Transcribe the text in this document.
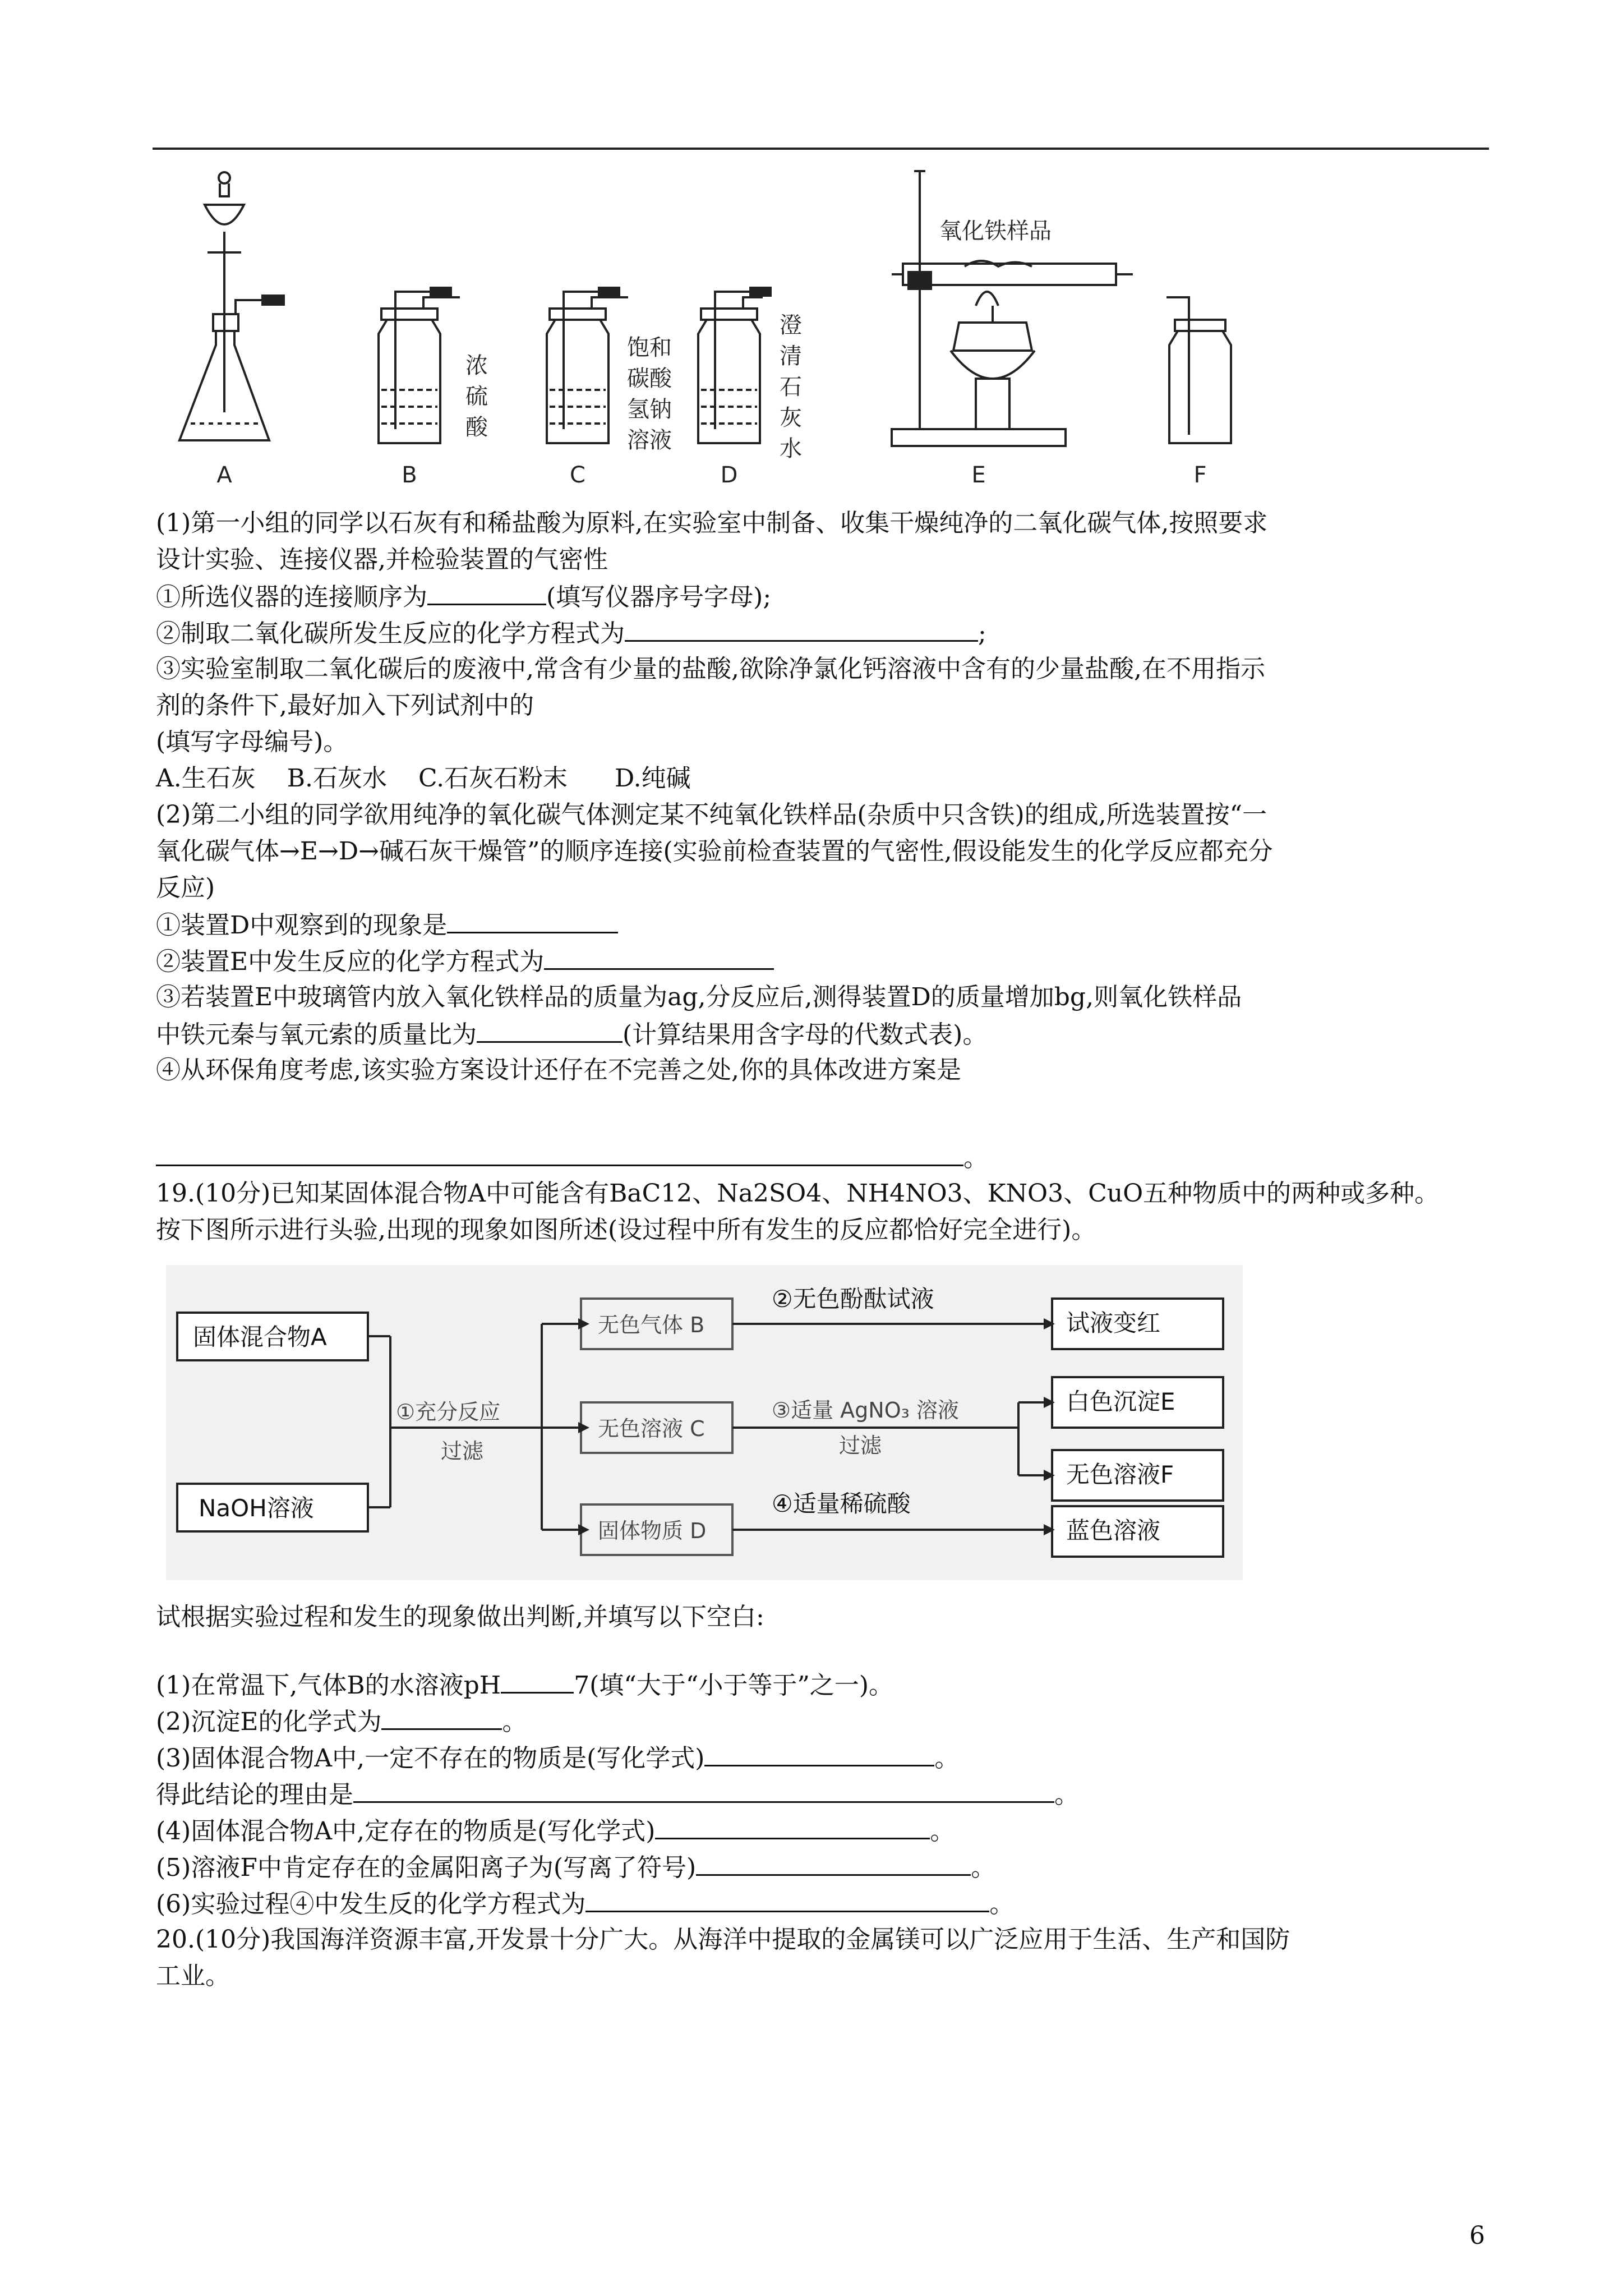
A	B	C	D	E	F
浓
硫
酸
饱和
碳酸
氢钠
溶液
澄
清
石
灰
水
氧化铁样品
(1)第一小组的同学以石灰有和稀盐酸为原料,在实验室中制备、收集干燥纯净的二氧化碳气体,按照要求
设计实验、连接仪器,并检验装置的气密性
①所选仪器的连接顺序为	(填写仪器序号字母);
②制取二氧化碳所发生反应的化学方程式为	;
③实验室制取二氧化碳后的废液中,常含有少量的盐酸,欲除净氯化钙溶液中含有的少量盐酸,在不用指示
剂的条件下,最好加入下列试剂中的
(填写字母编号)。
A.生石灰    B.石灰水    C.石灰石粉末      D.纯碱
(2)第二小组的同学欲用纯净的氧化碳气体测定某不纯氧化铁样品(杂质中只含铁)的组成,所选装置按“一
氧化碳气体→E→D→碱石灰干燥管”的顺序连接(实验前检查装置的气密性,假设能发生的化学反应都充分
反应)
①装置D中观察到的现象是
②装置E中发生反应的化学方程式为
③若装置E中玻璃管内放入氧化铁样品的质量为ag,分反应后,测得装置D的质量增加bg,则氧化铁样品
中铁元秦与氧元索的质量比为	(计算结果用含字母的代数式表)。
④从环保角度考虑,该实验方案设计还仔在不完善之处,你的具体改进方案是
。
19.(10分)已知某固体混合物A中可能含有BaC12、Na2SO4、NH4NO3、KNO3、CuO五种物质中的两种或多种。
按下图所示进行头验,出现的现象如图所述(设过程中所有发生的反应都恰好完全进行)。
固体混合物A
NaOH溶液
试液变红
白色沉淀E
无色溶液F
蓝色溶液
②无色酚酞试液
④适量稀硫酸
无色气体 B
无色溶液 C
固体物质 D
①充分反应
过滤
③适量 AgNO₃ 溶液
过滤
试根据实验过程和发生的现象做出判断,并填写以下空白:
(1)在常温下,气体B的水溶液pH	7(填“大于“小于等于”之一)。
(2)沉淀E的化学式为	。
(3)固体混合物A中,一定不存在的物质是(写化学式)	。
得此结论的理由是	。
(4)固体混合物A中,定存在的物质是(写化学式)	。
(5)溶液F中肯定存在的金属阳离子为(写离了符号)	。
(6)实验过程④中发生反的化学方程式为	。
20.(10分)我国海洋资源丰富,开发景十分广大。从海洋中提取的金属镁可以广泛应用于生活、生产和国防
工业。
6
